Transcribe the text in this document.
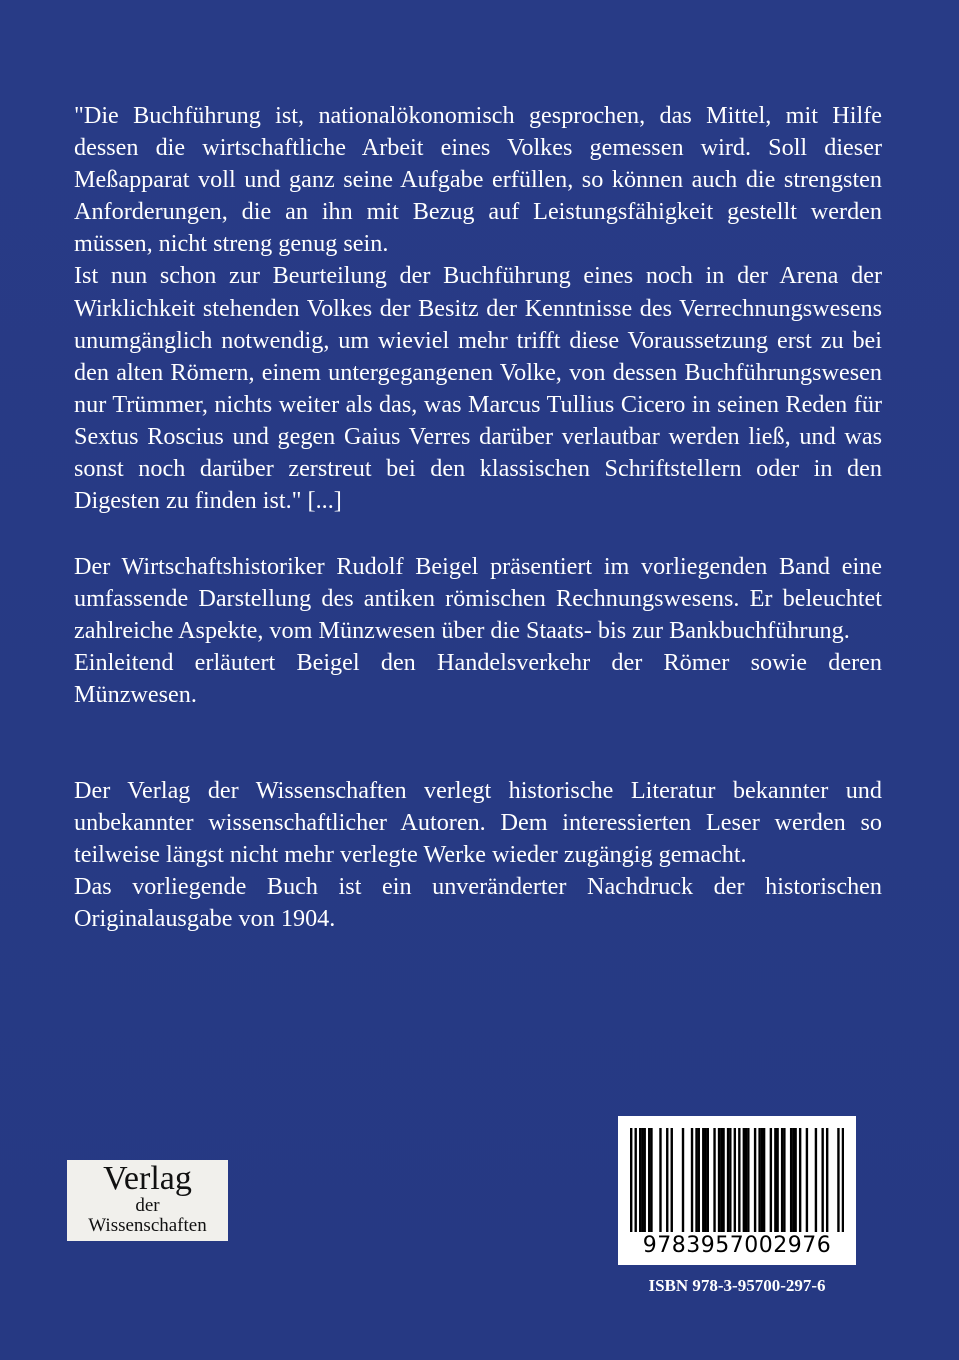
"Die Buchführung ist, nationalökonomisch gesprochen, das Mittel, mit Hilfe dessen die wirtschaftliche Arbeit eines Volkes gemessen wird. Soll dieser Meßapparat voll und ganz seine Aufgabe erfüllen, so können auch die strengsten Anforderungen, die an ihn mit Bezug auf Leistungsfähigkeit gestellt werden müssen, nicht streng genug sein.

Ist nun schon zur Beurteilung der Buchführung eines noch in der Arena der Wirklichkeit stehenden Volkes der Besitz der Kenntnisse des Verrechnungswesens unumgänglich notwendig, um wieviel mehr trifft diese Voraussetzung erst zu bei den alten Römern, einem untergegangenen Volke, von dessen Buchführungswesen nur Trümmer, nichts weiter als das, was Marcus Tullius Cicero in seinen Reden für Sextus Roscius und gegen Gaius Verres darüber verlautbar werden ließ, und was sonst noch darüber zerstreut bei den klassischen Schriftstellern oder in den Digesten zu finden ist." [...]

Der Wirtschaftshistoriker Rudolf Beigel präsentiert im vorliegenden Band eine umfassende Darstellung des antiken römischen Rechnungswesens. Er beleuchtet zahlreiche Aspekte, vom Münzwesen über die Staats- bis zur Bankbuchführung.

Einleitend erläutert Beigel den Handelsverkehr der Römer sowie deren Münzwesen.

Der Verlag der Wissenschaften verlegt historische Literatur bekannter und unbekannter wissenschaftlicher Autoren. Dem interessierten Leser werden so teilweise längst nicht mehr verlegte Werke wieder zugängig gemacht.

Das vorliegende Buch ist ein unveränderter Nachdruck der historischen Originalausgabe von 1904.

Verlag
der
Wissenschaften
9783957002976
ISBN 978-3-95700-297-6
